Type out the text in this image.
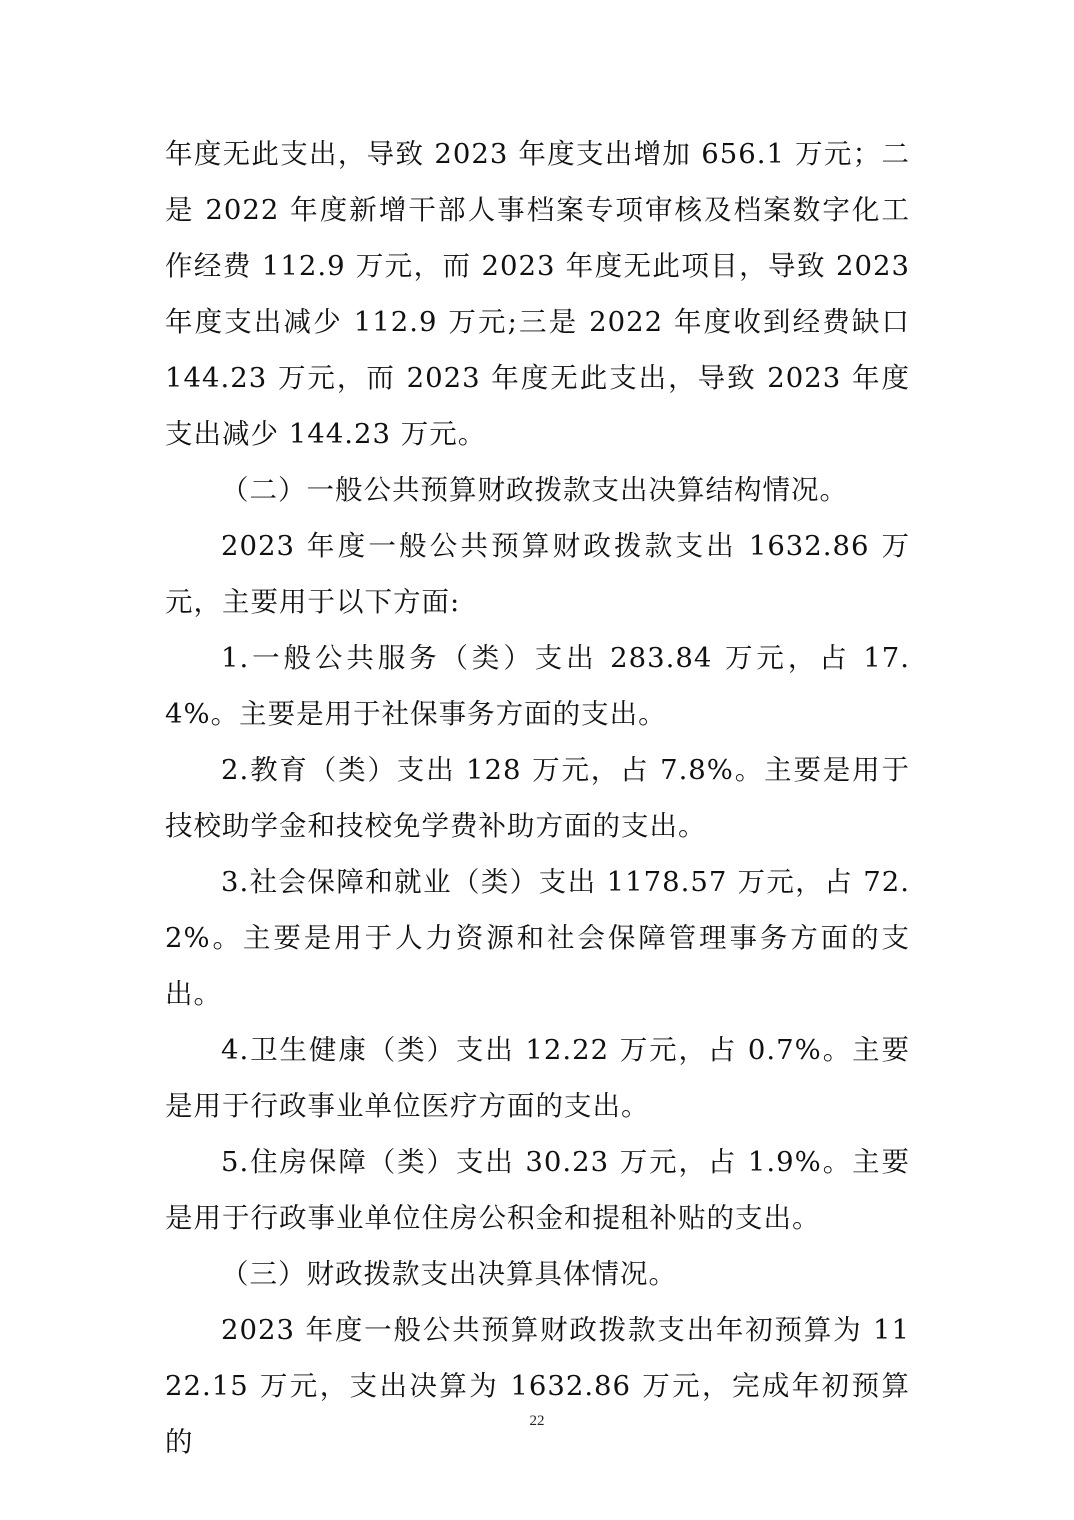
年度无此支出，导致 2023 年度支出增加 656.1 万元；二是 2022 年度新增干部人事档案专项审核及档案数字化工作经费 112.9 万元，而 2023 年度无此项目，导致 2023 年度支出减少 112.9 万元;三是 2022 年度收到经费缺口 144.23 万元，而 2023 年度无此支出，导致 2023 年度支出减少 144.23 万元。

（二）一般公共预算财政拨款支出决算结构情况。

2023 年度一般公共预算财政拨款支出 1632.86 万元，主要用于以下方面:

1.一般公共服务（类）支出 283.84 万元，占 17.4%。主要是用于社保事务方面的支出。

2.教育（类）支出 128 万元，占 7.8%。主要是用于技校助学金和技校免学费补助方面的支出。

3.社会保障和就业（类）支出 1178.57 万元，占 72.2%。主要是用于人力资源和社会保障管理事务方面的支出。

4.卫生健康（类）支出 12.22 万元，占 0.7%。主要是用于行政事业单位医疗方面的支出。

5.住房保障（类）支出 30.23 万元，占 1.9%。主要是用于行政事业单位住房公积金和提租补贴的支出。

（三）财政拨款支出决算具体情况。

2023 年度一般公共预算财政拨款支出年初预算为 1122.15 万元，支出决算为 1632.86 万元，完成年初预算的

22
